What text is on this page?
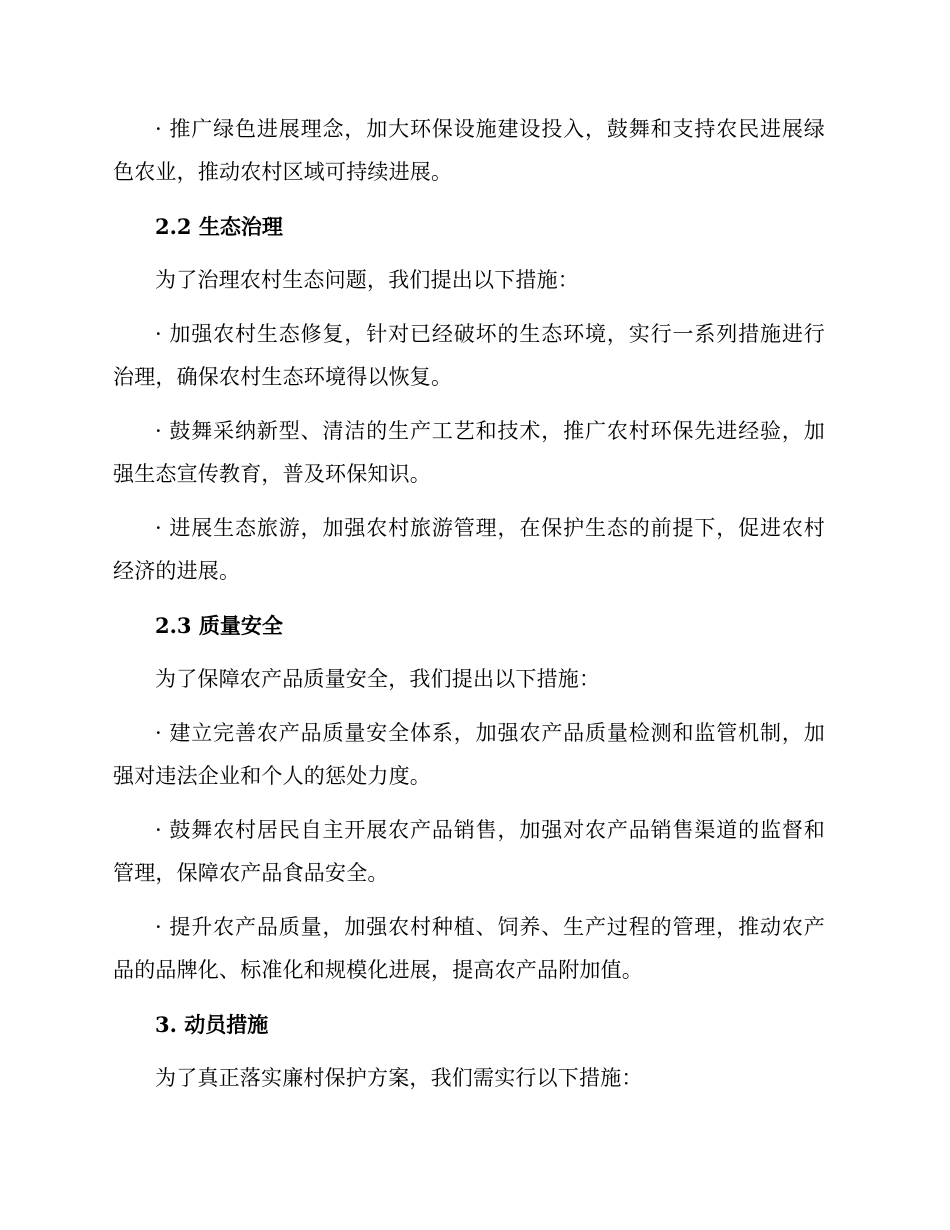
· 推广绿色进展理念，加大环保设施建设投入，鼓舞和支持农民进展绿色农业，推动农村区域可持续进展。

2.2 生态治理

为了治理农村生态问题，我们提出以下措施：

· 加强农村生态修复，针对已经破坏的生态环境，实行一系列措施进行治理，确保农村生态环境得以恢复。

· 鼓舞采纳新型、清洁的生产工艺和技术，推广农村环保先进经验，加强生态宣传教育，普及环保知识。

· 进展生态旅游，加强农村旅游管理，在保护生态的前提下，促进农村经济的进展。

2.3 质量安全

为了保障农产品质量安全，我们提出以下措施：

· 建立完善农产品质量安全体系，加强农产品质量检测和监管机制，加强对违法企业和个人的惩处力度。

· 鼓舞农村居民自主开展农产品销售，加强对农产品销售渠道的监督和管理，保障农产品食品安全。

· 提升农产品质量，加强农村种植、饲养、生产过程的管理，推动农产品的品牌化、标准化和规模化进展，提高农产品附加值。

3. 动员措施

为了真正落实廉村保护方案，我们需实行以下措施：
